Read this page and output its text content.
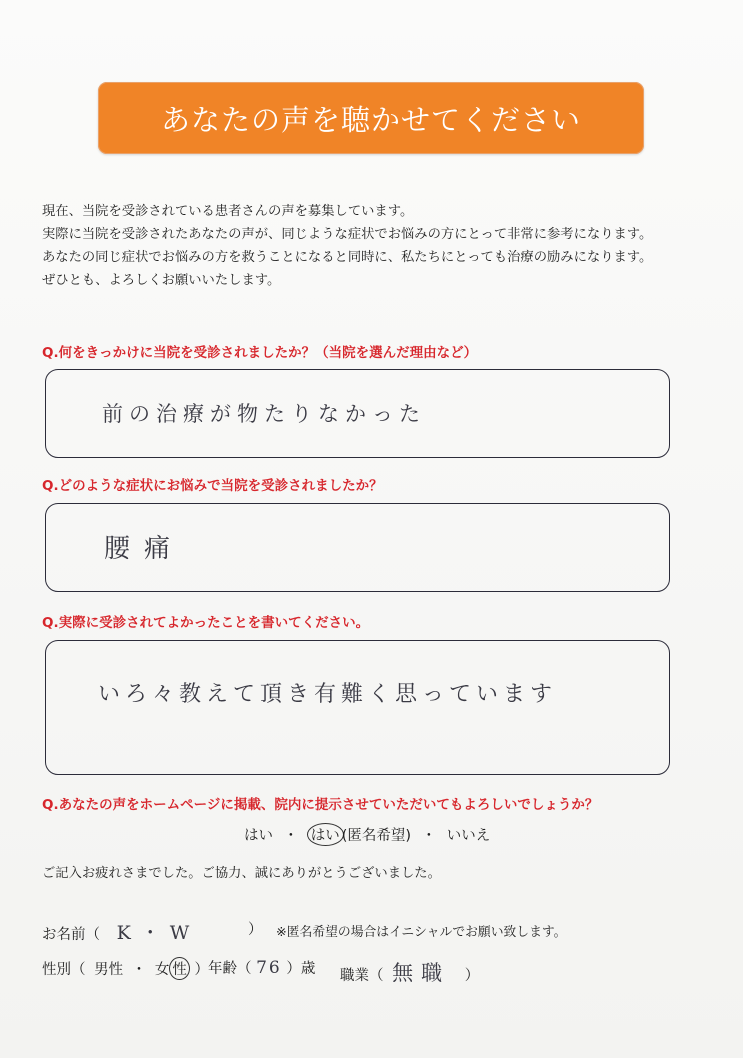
あなたの声を聴かせてください
現在、当院を受診されている患者さんの声を募集しています。
実際に当院を受診されたあなたの声が、同じような症状でお悩みの方にとって非常に参考になります。
あなたの同じ症状でお悩みの方を救うことになると同時に、私たちにとっても治療の励みになります。
ぜひとも、よろしくお願いいたします。
Q.何をきっかけに当院を受診されましたか？（当院を選んだ理由など）
前の治療が物たりなかった
Q.どのような症状にお悩みで当院を受診されましたか？
腰痛
Q.実際に受診されてよかったことを書いてください。
いろ々教えて頂き有難く思っています
Q.あなたの声をホームページに掲載、院内に提示させていただいてもよろしいでしょうか？
はい ・ はい (匿名希望) ・ いいえ
ご記入お疲れさまでした。ご協力、誠にありがとうございました。
お名前（ K・W	） ※匿名希望の場合はイニシャルでお願い致します。
性別（ 男性 ・ 女 性 ） 年齢（ 76 ）歳 職業（ 無職 ）
